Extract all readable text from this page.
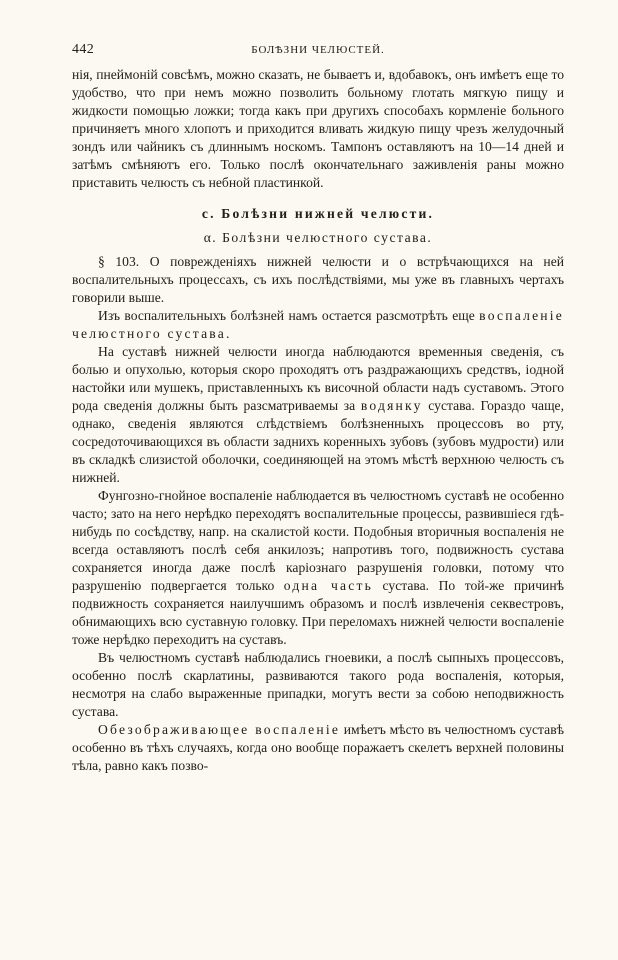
442	БОЛѢЗНИ ЧЕЛЮСТЕЙ.

нія, пнеймоній совсѣмъ, можно сказать, не бываетъ и, вдобавокъ, онъ имѣетъ еще то удобство, что при немъ можно позволить больному глотать мягкую пищу и жидкости помощью ложки; тогда какъ при другихъ способахъ кормленіе больного причиняетъ много хлопотъ и приходится вливать жидкую пищу чрезъ желудочный зондъ или чайникъ съ длиннымъ носкомъ. Тампонъ оставляютъ на 10—14 дней и затѣмъ смѣняютъ его. Только послѣ окончательнаго заживленія раны можно приставить челюсть съ небной пластинкой.

c. Болѣзни нижней челюсти.
α. Болѣзни челюстного сустава.

§ 103. О поврежденіяхъ нижней челюсти и о встрѣчающихся на ней воспалительныхъ процессахъ, съ ихъ послѣдствіями, мы уже въ главныхъ чертахъ говорили выше.

Изъ воспалительныхъ болѣзней намъ остается разсмотрѣть еще воспаленіе челюстного сустава.

На суставѣ нижней челюсти иногда наблюдаются временныя сведенія, съ болью и опухолью, которыя скоро проходятъ отъ раздражающихъ средствъ, іодной настойки или мушекъ, приставленныхъ къ височной области надъ суставомъ. Этого рода сведенія должны быть разсматриваемы за водянку сустава. Гораздо чаще, однако, сведенія являются слѣдствіемъ болѣзненныхъ процессовъ во рту, сосредоточивающихся въ области заднихъ коренныхъ зубовъ (зубовъ мудрости) или въ складкѣ слизистой оболочки, соединяющей на этомъ мѣстѣ верхнюю челюсть съ нижней.

Фунгозно-гнойное воспаленіе наблюдается въ челюстномъ суставѣ не особенно часто; зато на него нерѣдко переходятъ воспалительные процессы, развившіеся гдѣ-нибудь по сосѣдству, напр. на скалистой кости. Подобныя вторичныя воспаленія не всегда оставляютъ послѣ себя анкилозъ; напротивъ того, подвижность сустава сохраняется иногда даже послѣ каріознаго разрушенія головки, потому что разрушенію подвергается только одна часть сустава. По той-же причинѣ подвижность сохраняется наилучшимъ образомъ и послѣ извлеченія секвестровъ, обнимающихъ всю суставную головку. При переломахъ нижней челюсти воспаленіе тоже нерѣдко переходитъ на суставъ.

Въ челюстномъ суставѣ наблюдались гноевики, а послѣ сыпныхъ процессовъ, особенно послѣ скарлатины, развиваются такого рода воспаленія, которыя, несмотря на слабо выраженные припадки, могутъ вести за собою неподвижность сустава.

Обезображивающее воспаленіе имѣетъ мѣсто въ челюстномъ суставѣ особенно въ тѣхъ случаяхъ, когда оно вообще поражаетъ скелетъ верхней половины тѣла, равно какъ позво-
